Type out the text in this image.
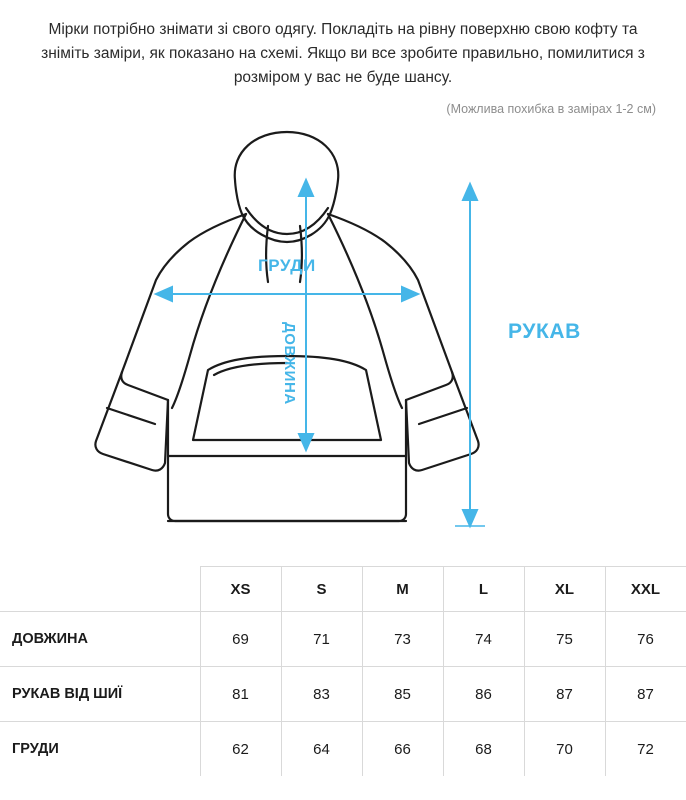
Мірки потрібно знімати зі свого одягу. Покладіть на рівну поверхню свою кофту та зніміть заміри, як показано на схемі. Якщо ви все зробите правильно, помилитися з розміром у вас не буде шансу.

(Можлива похибка в замірах 1-2 см)
ГРУДИ
ДОВЖИНА	РУКАВ
	XS	S	M	L	XL	XXL
ДОВЖИНА	69	71	73	74	75	76
РУКАВ ВІД ШИЇ	81	83	85	86	87	87
ГРУДИ	62	64	66	68	70	72
